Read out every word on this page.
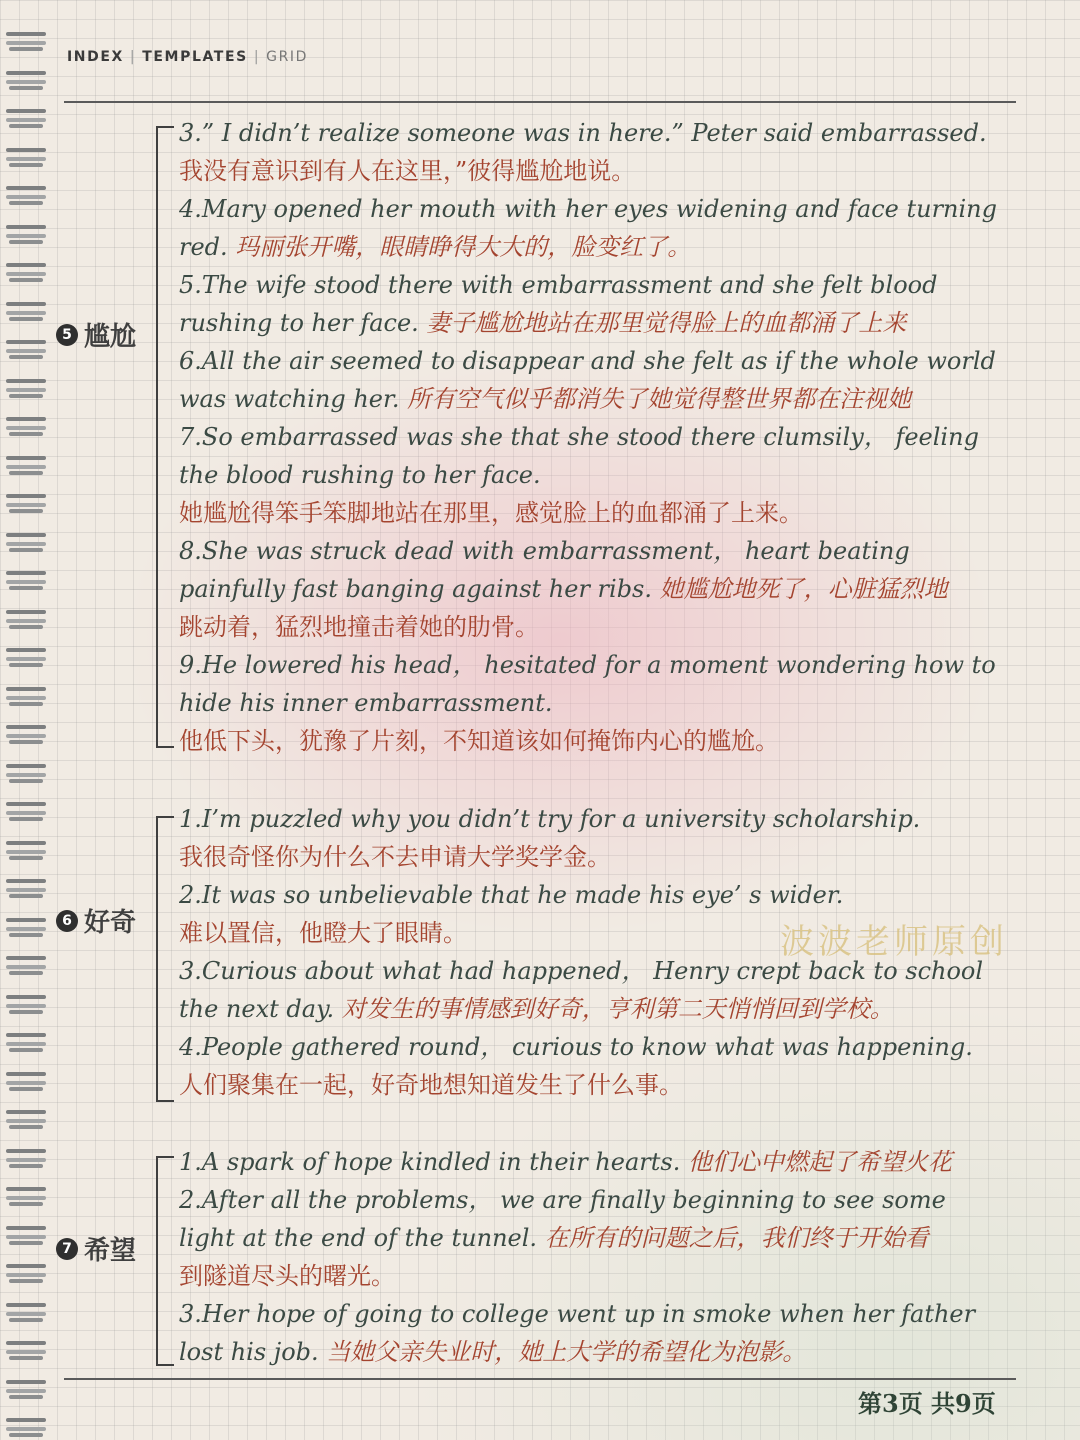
INDEX | TEMPLATES | GRID
5 尴尬
3.” I didn’t realize someone was in here.” Peter said embarrassed.
我没有意识到有人在这里，”彼得尴尬地说。
4.Mary opened her mouth with her eyes widening and face turning
red. 玛丽张开嘴，眼睛睁得大大的，脸变红了。
5.The wife stood there with embarrassment and she felt blood
rushing to her face. 妻子尴尬地站在那里觉得脸上的血都涌了上来
6.All the air seemed to disappear and she felt as if the whole world
was watching her. 所有空气似乎都消失了她觉得整世界都在注视她
7.So embarrassed was she that she stood there clumsily， feeling
the blood rushing to her face.
她尴尬得笨手笨脚地站在那里，感觉脸上的血都涌了上来。
8.She was struck dead with embarrassment， heart beating
painfully fast banging against her ribs. 她尴尬地死了，心脏猛烈地
跳动着，猛烈地撞击着她的肋骨。
9.He lowered his head， hesitated for a moment wondering how to
hide his inner embarrassment.
他低下头，犹豫了片刻，不知道该如何掩饰内心的尴尬。
6 好奇
1.I’m puzzled why you didn’t try for a university scholarship.
我很奇怪你为什么不去申请大学奖学金。
2.It was so unbelievable that he made his eye’ s wider.
难以置信，他瞪大了眼睛。
3.Curious about what had happened， Henry crept back to school
the next day. 对发生的事情感到好奇，亨利第二天悄悄回到学校。
4.People gathered round， curious to know what was happening.
人们聚集在一起，好奇地想知道发生了什么事。
7 希望
1.A spark of hope kindled in their hearts. 他们心中燃起了希望火花
2.After all the problems， we are finally beginning to see some
light at the end of the tunnel. 在所有的问题之后，我们终于开始看
到隧道尽头的曙光。
3.Her hope of going to college went up in smoke when her father
lost his job. 当她父亲失业时，她上大学的希望化为泡影。
波波老师原创
第3页 共9页
